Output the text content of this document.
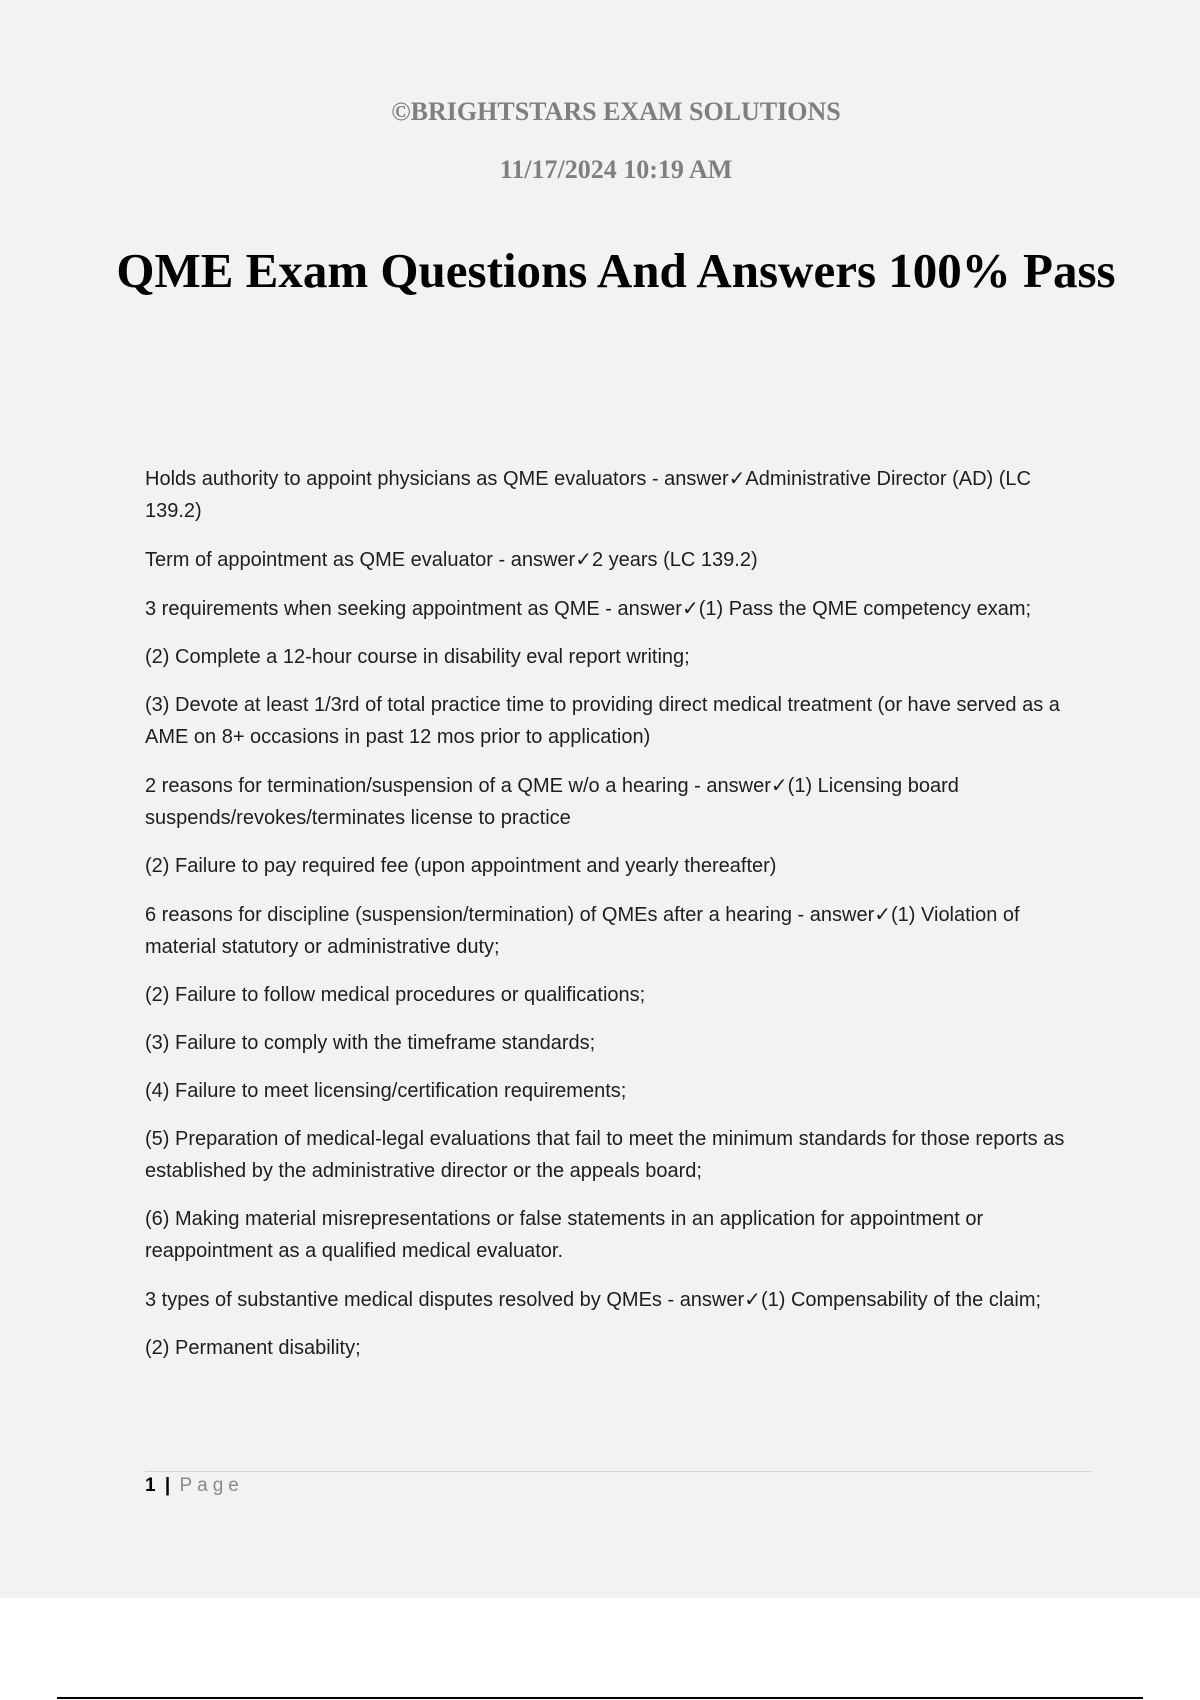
©BRIGHTSTARS EXAM SOLUTIONS

11/17/2024 10:19 AM

QME Exam Questions And Answers 100% Pass

Holds authority to appoint physicians as QME evaluators - answer✓Administrative Director (AD) (LC 139.2)

Term of appointment as QME evaluator - answer✓2 years (LC 139.2)

3 requirements when seeking appointment as QME - answer✓(1) Pass the QME competency exam;

(2) Complete a 12-hour course in disability eval report writing;

(3) Devote at least 1/3rd of total practice time to providing direct medical treatment (or have served as a AME on 8+ occasions in past 12 mos prior to application)

2 reasons for termination/suspension of a QME w/o a hearing - answer✓(1) Licensing board suspends/revokes/terminates license to practice

(2) Failure to pay required fee (upon appointment and yearly thereafter)

6 reasons for discipline (suspension/termination) of QMEs after a hearing - answer✓(1) Violation of material statutory or administrative duty;

(2) Failure to follow medical procedures or qualifications;

(3) Failure to comply with the timeframe standards;

(4) Failure to meet licensing/certification requirements;

(5) Preparation of medical-legal evaluations that fail to meet the minimum standards for those reports as established by the administrative director or the appeals board;

(6) Making material misrepresentations or false statements in an application for appointment or reappointment as a qualified medical evaluator.

3 types of substantive medical disputes resolved by QMEs - answer✓(1) Compensability of the claim;

(2) Permanent disability;

1 | Page
